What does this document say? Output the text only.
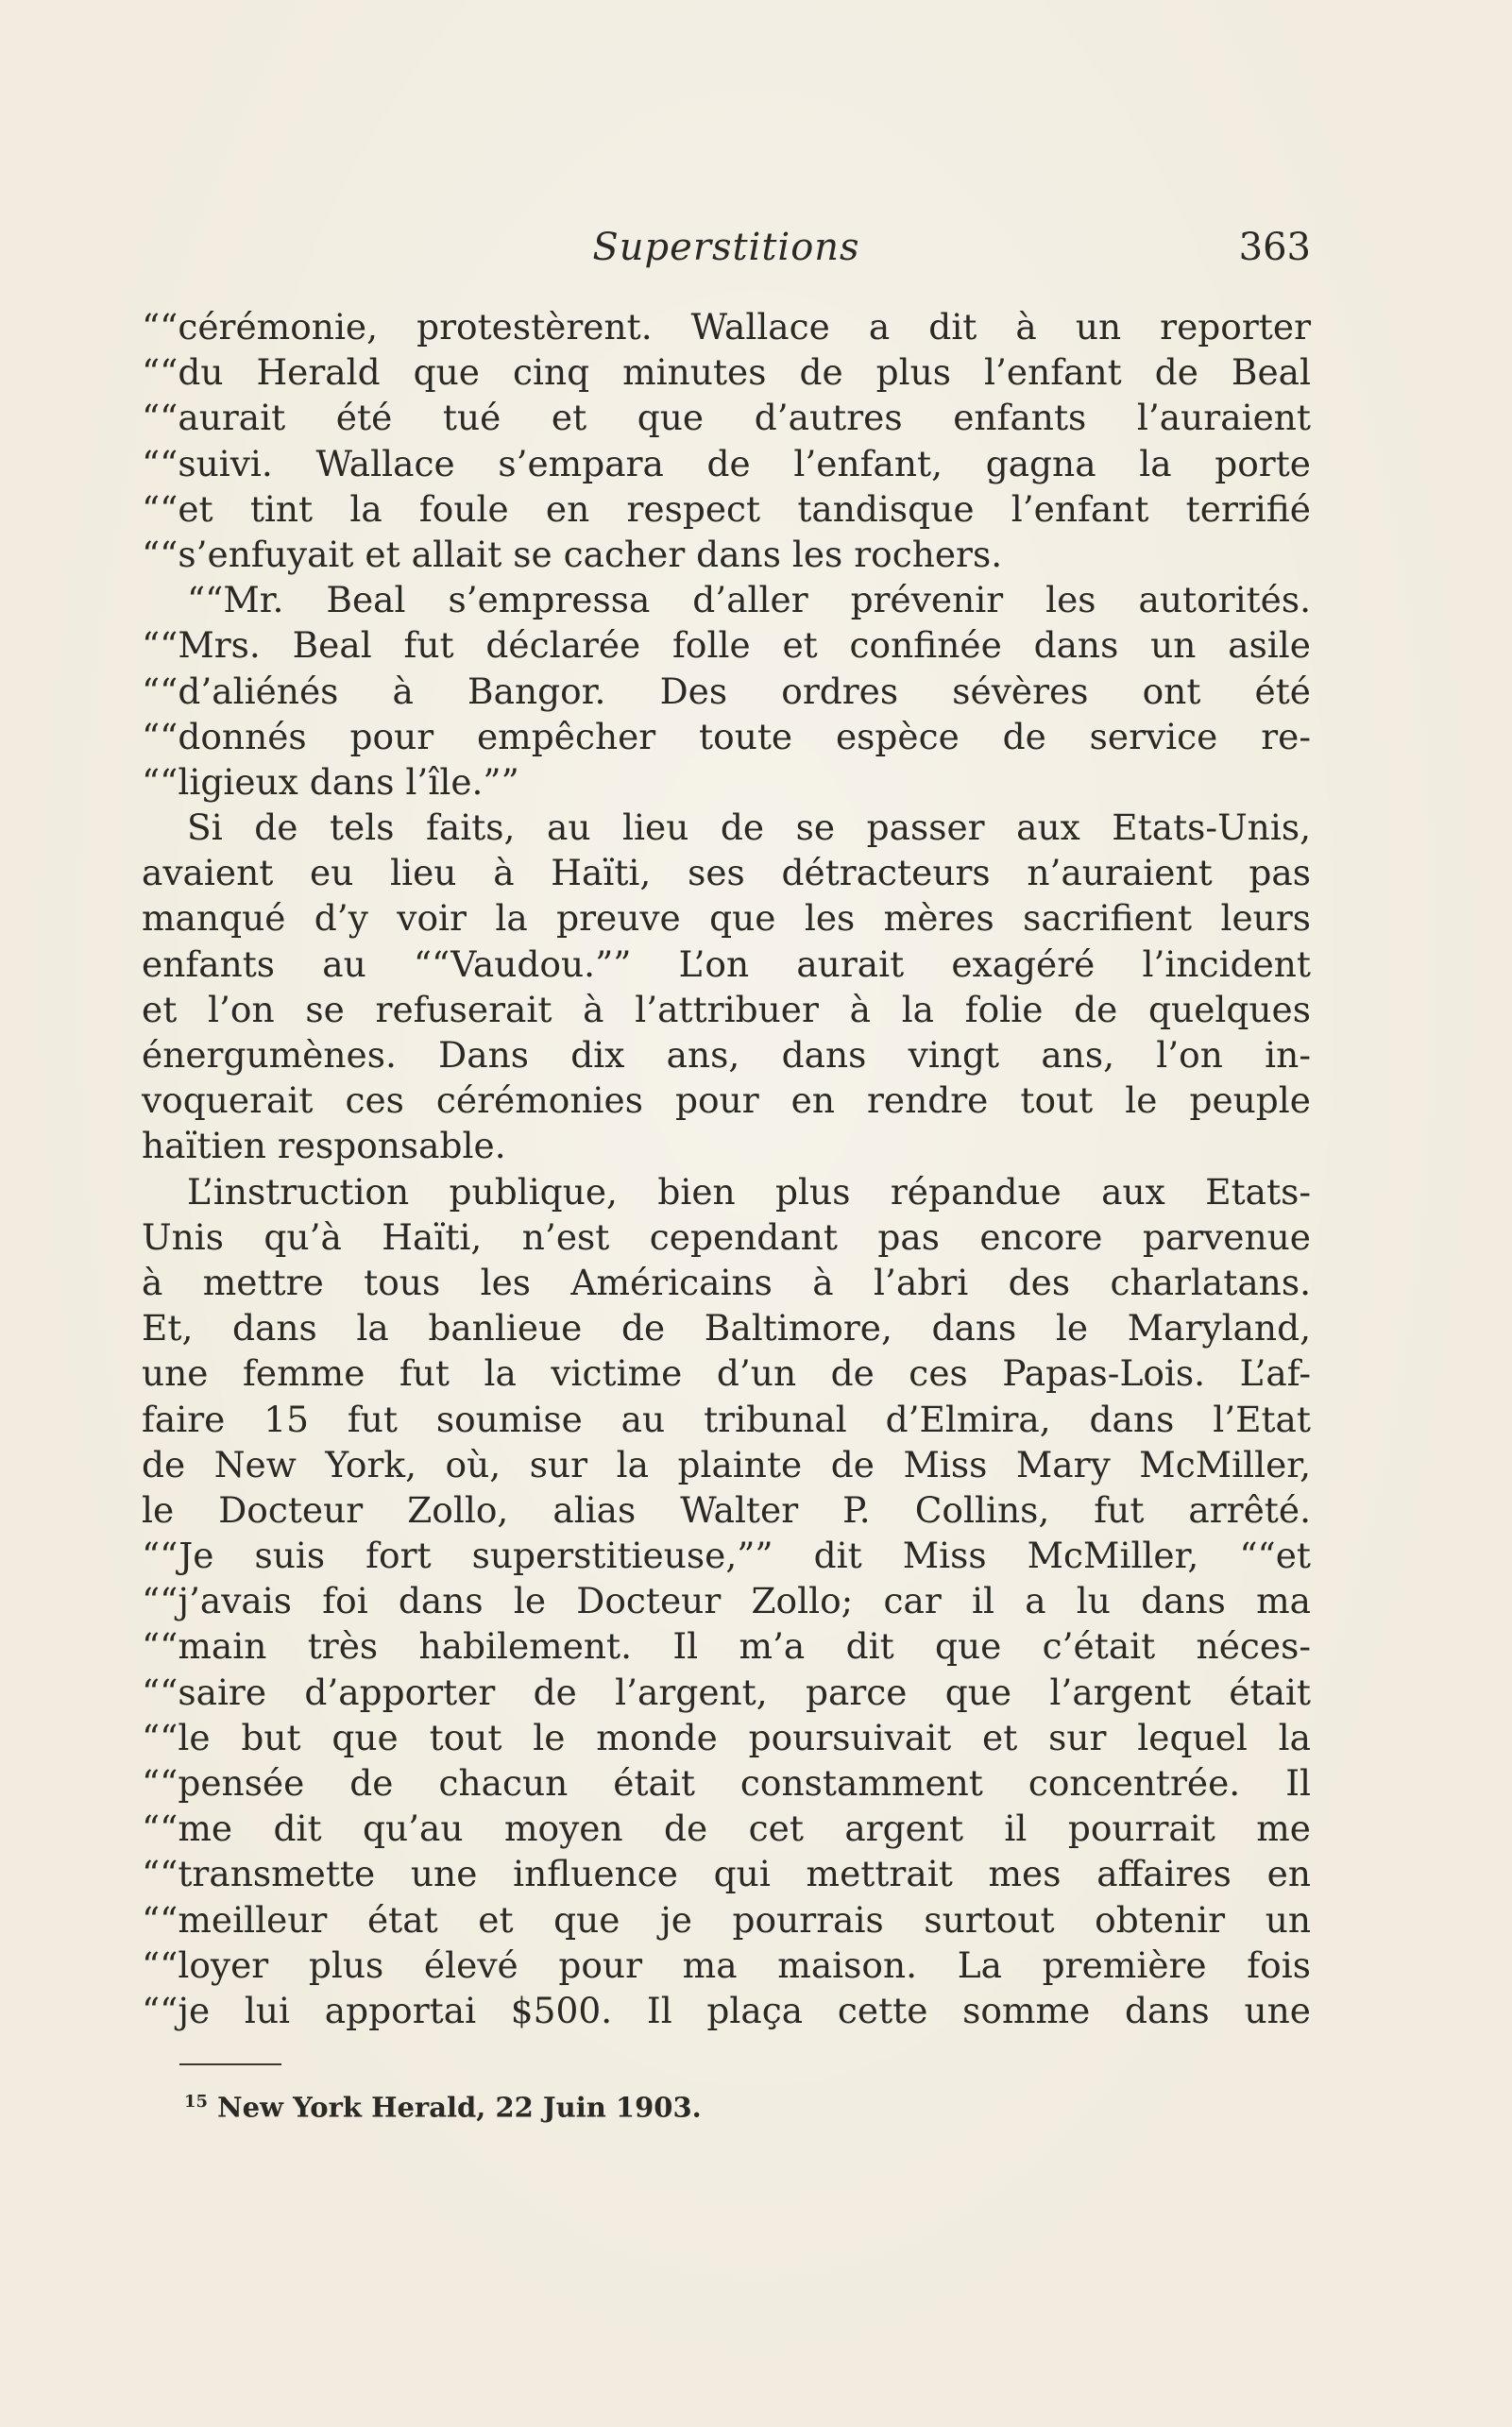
Superstitions	363
““cérémonie, protestèrent. Wallace a dit à un reporter
““du Herald que cinq minutes de plus l’enfant de Beal
““aurait été tué et que d’autres enfants l’auraient
““suivi. Wallace s’empara de l’enfant, gagna la porte
““et tint la foule en respect tandisque l’enfant terrifié
““s’enfuyait et allait se cacher dans les rochers.
““Mr. Beal s’empressa d’aller prévenir les autorités.
““Mrs. Beal fut déclarée folle et confinée dans un asile
““d’aliénés à Bangor. Des ordres sévères ont été
““donnés pour empêcher toute espèce de service re-
““ligieux dans l’île.””
Si de tels faits, au lieu de se passer aux Etats-Unis,
avaient eu lieu à Haïti, ses détracteurs n’auraient pas
manqué d’y voir la preuve que les mères sacrifient leurs
enfants au ““Vaudou.”” L’on aurait exagéré l’incident
et l’on se refuserait à l’attribuer à la folie de quelques
énergumènes. Dans dix ans, dans vingt ans, l’on in-
voquerait ces cérémonies pour en rendre tout le peuple
haïtien responsable.
L’instruction publique, bien plus répandue aux Etats-
Unis qu’à Haïti, n’est cependant pas encore parvenue
à mettre tous les Américains à l’abri des charlatans.
Et, dans la banlieue de Baltimore, dans le Maryland,
une femme fut la victime d’un de ces Papas-Lois. L’af-
faire 15 fut soumise au tribunal d’Elmira, dans l’Etat
de New York, où, sur la plainte de Miss Mary McMiller,
le Docteur Zollo, alias Walter P. Collins, fut arrêté.
““Je suis fort superstitieuse,”” dit Miss McMiller, ““et
““j’avais foi dans le Docteur Zollo; car il a lu dans ma
““main très habilement. Il m’a dit que c’était néces-
““saire d’apporter de l’argent, parce que l’argent était
““le but que tout le monde poursuivait et sur lequel la
““pensée de chacun était constamment concentrée. Il
““me dit qu’au moyen de cet argent il pourrait me
““transmette une influence qui mettrait mes affaires en
““meilleur état et que je pourrais surtout obtenir un
““loyer plus élevé pour ma maison. La première fois
““je lui apportai $500. Il plaça cette somme dans une
$^{15}$ New York Herald, 22 Juin 1903.
